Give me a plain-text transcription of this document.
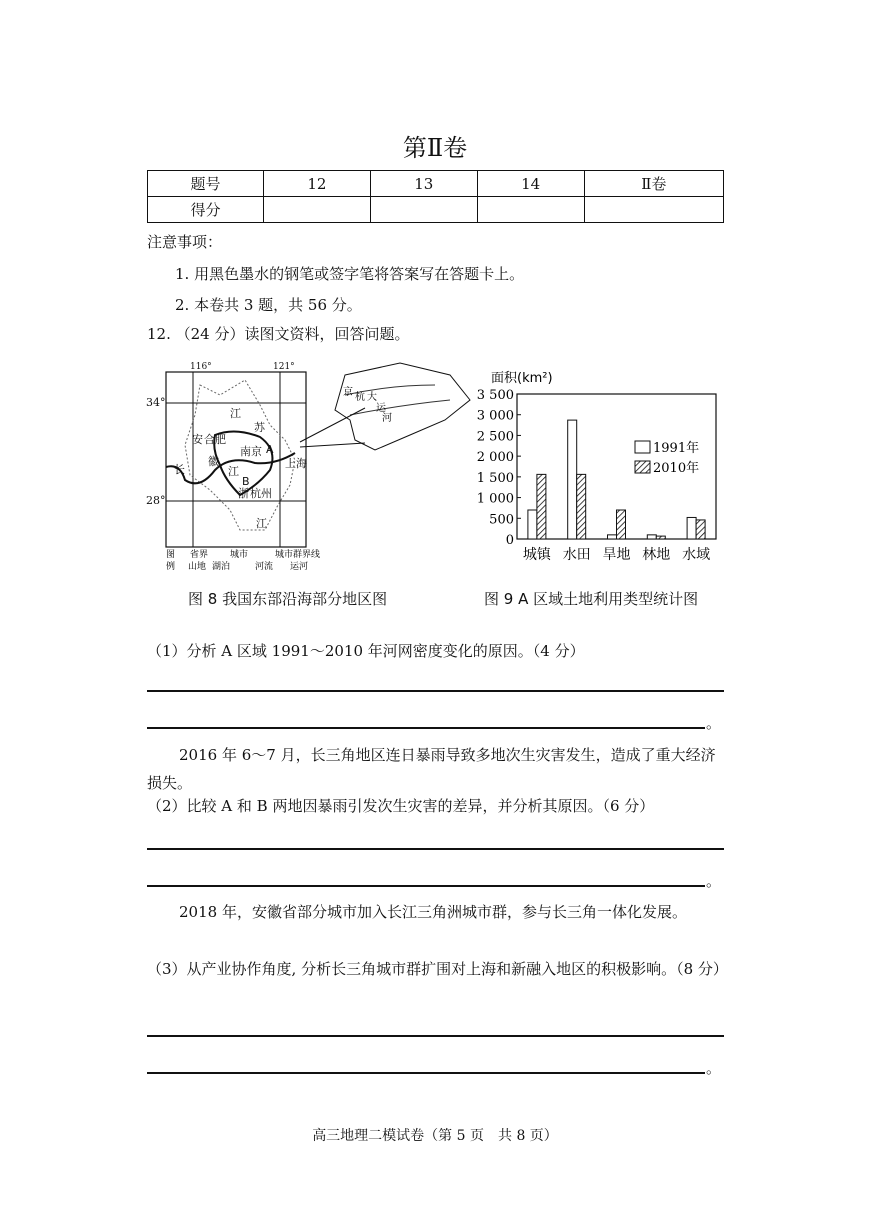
第Ⅱ卷
题号	12	13	14	Ⅱ卷
得分				
注意事项：
1. 用黑色墨水的钢笔或签字笔将答案写在答题卡上。
2. 本卷共 3 题，共 56 分。
12. （24 分）读图文资料，回答问题。
34°
28°
116°	121°
江
苏
安 合肥
徽
长
南京 A
上海
江
B
浙 杭州
江
京 杭 大
运
河
图 省界 城市	城市群界线
例 山地 湖泊	河流 运河
图 8 我国东部沿海部分地区图
面积(km²)
0
500
1 000
1 500
2 000
2 500
3 000
3 500
城镇 水田 旱地 林地 水域
1991年
2010年
图 9 A 区域土地利用类型统计图
（1）分析 A 区域 1991～2010 年河网密度变化的原因。（4 分）
。
2016 年 6～7 月，长三角地区连日暴雨导致多地次生灾害发生，造成了重大经济损失。
（2）比较 A 和 B 两地因暴雨引发次生灾害的差异，并分析其原因。（6 分）
。
2018 年，安徽省部分城市加入长江三角洲城市群，参与长三角一体化发展。
（3）从产业协作角度, 分析长三角城市群扩围对上海和新融入地区的积极影响。（8 分）
。
高三地理二模试卷（第 5 页　共 8 页）
